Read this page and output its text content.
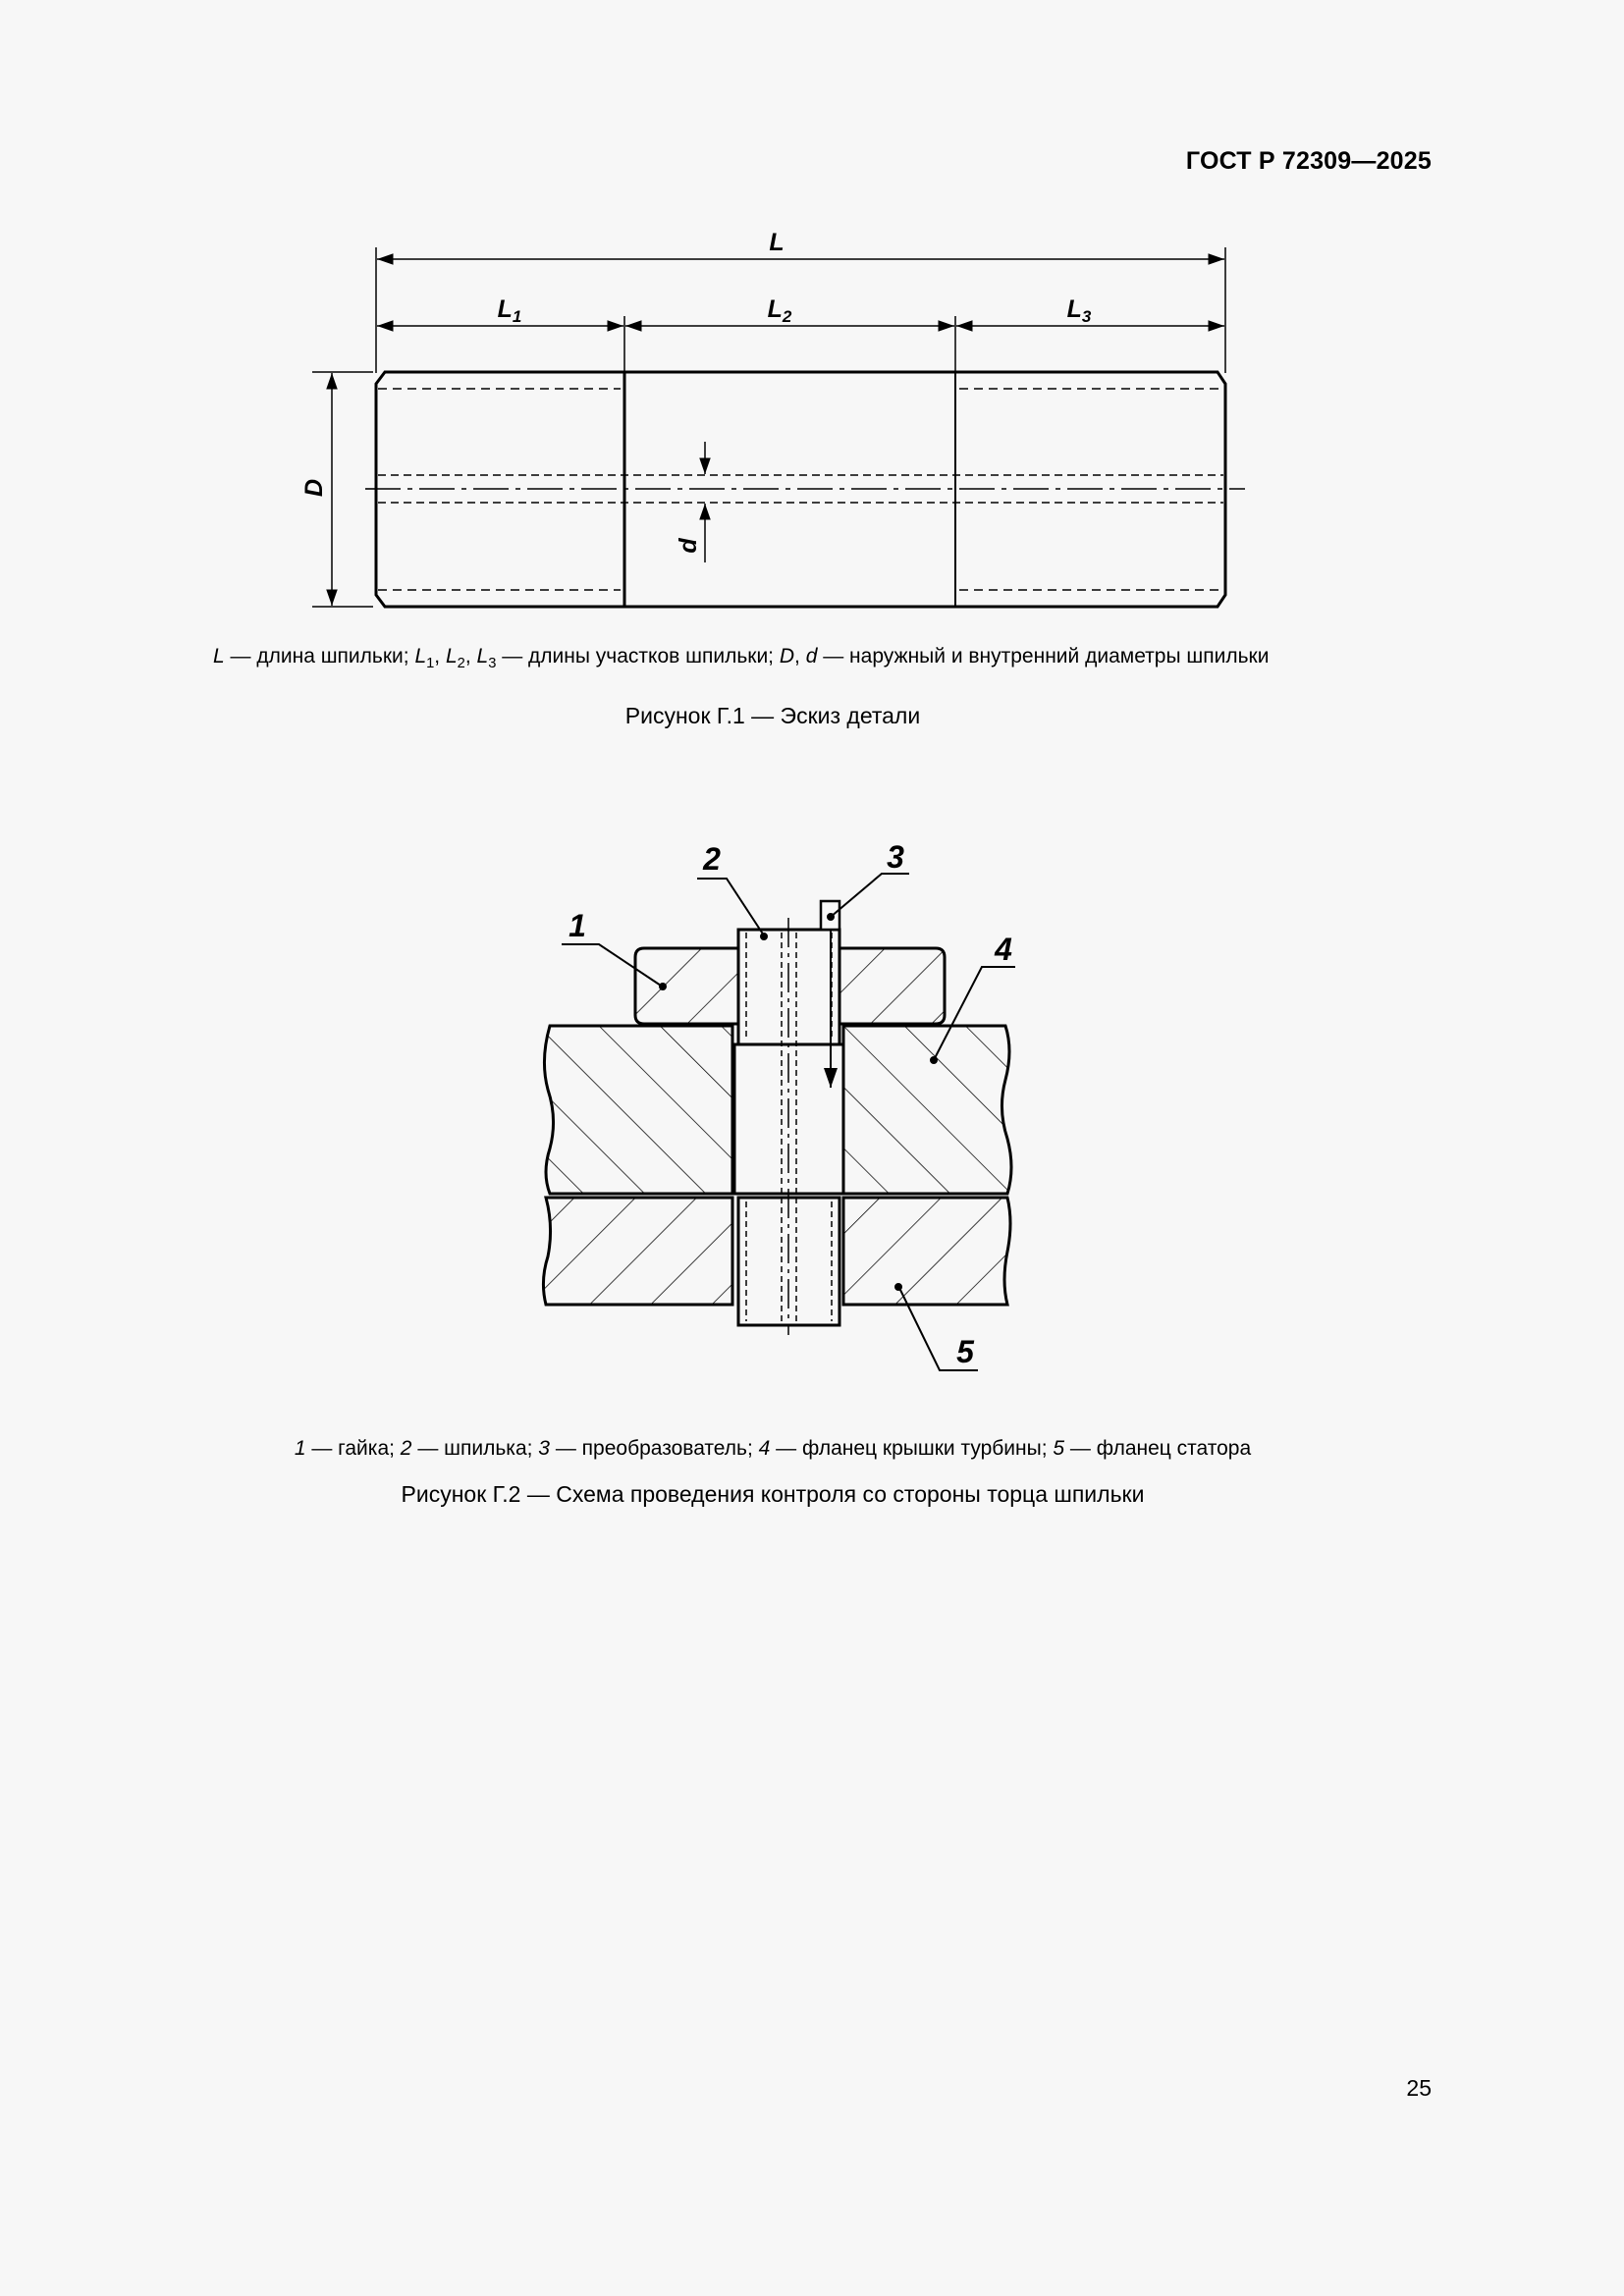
ГОСТ Р 72309—2025
L
$L_1$	$L_2$	$L_3$
D
d
L — длина шпильки; $L_1$, $L_2$, $L_3$ — длины участков шпильки; D, d — наружный и внутренний диаметры шпильки
Рисунок Г.1 — Эскиз детали
1
2	3
4
5
1 — гайка; 2 — шпилька; 3 — преобразователь; 4 — фланец крышки турбины; 5 — фланец статора
Рисунок Г.2 — Схема проведения контроля со стороны торца шпильки
25
